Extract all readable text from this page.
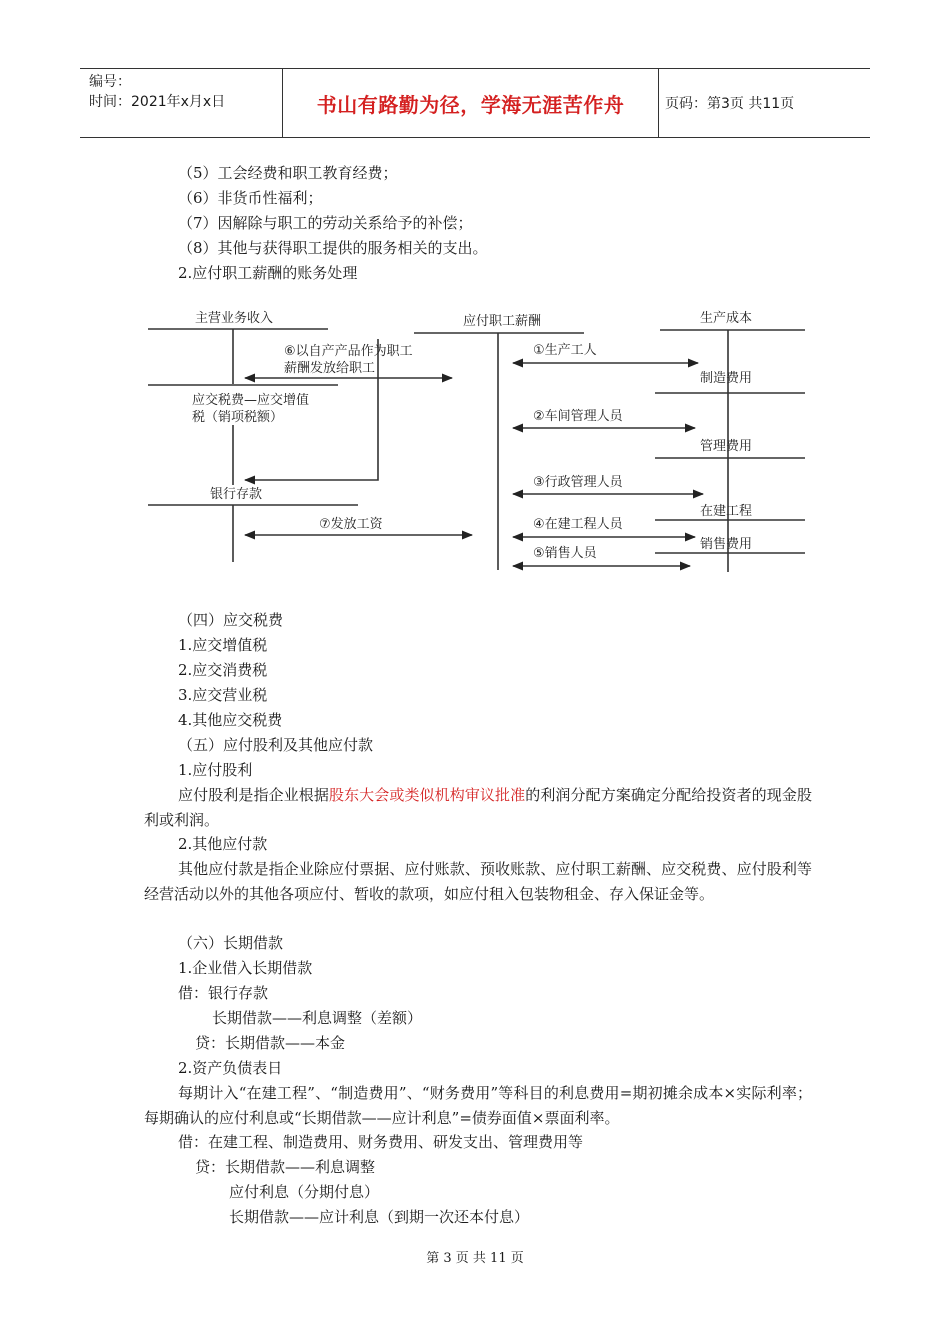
编号：
时间：2021年x月x日	书山有路勤为径，学海无涯苦作舟	页码：第3页 共11页
（5）工会经费和职工教育经费；
（6）非货币性福利；
（7）因解除与职工的劳动关系给予的补偿；
（8）其他与获得职工提供的服务相关的支出。
2.应付职工薪酬的账务处理
主营业务收入	应付职工薪酬	生产成本
应交税费—应交增值
税（销项税额）
银行存款
制造费用
管理费用
在建工程
销售费用
⑥以自产产品作为职工
薪酬发放给职工
⑦发放工资
①生产工人
②车间管理人员
③行政管理人员
④在建工程人员
⑤销售人员
（四）应交税费
1.应交增值税
2.应交消费税
3.应交营业税
4.其他应交税费
（五）应付股利及其他应付款
1.应付股利
应付股利是指企业根据股东大会或类似机构审议批准的利润分配方案确定分配给投资者的现金股利或利润。
2.其他应付款
其他应付款是指企业除应付票据、应付账款、预收账款、应付职工薪酬、应交税费、应付股利等经营活动以外的其他各项应付、暂收的款项，如应付租入包装物租金、存入保证金等。
（六）长期借款
1.企业借入长期借款
借：银行存款
长期借款——利息调整（差额）
贷：长期借款——本金
2.资产负债表日
每期计入“在建工程”、“制造费用”、“财务费用”等科目的利息费用=期初摊余成本×实际利率；每期确认的应付利息或“长期借款——应计利息”=债券面值×票面利率。
借：在建工程、制造费用、财务费用、研发支出、管理费用等
贷：长期借款——利息调整
应付利息（分期付息）
长期借款——应计利息（到期一次还本付息）
第 3 页 共 11 页
